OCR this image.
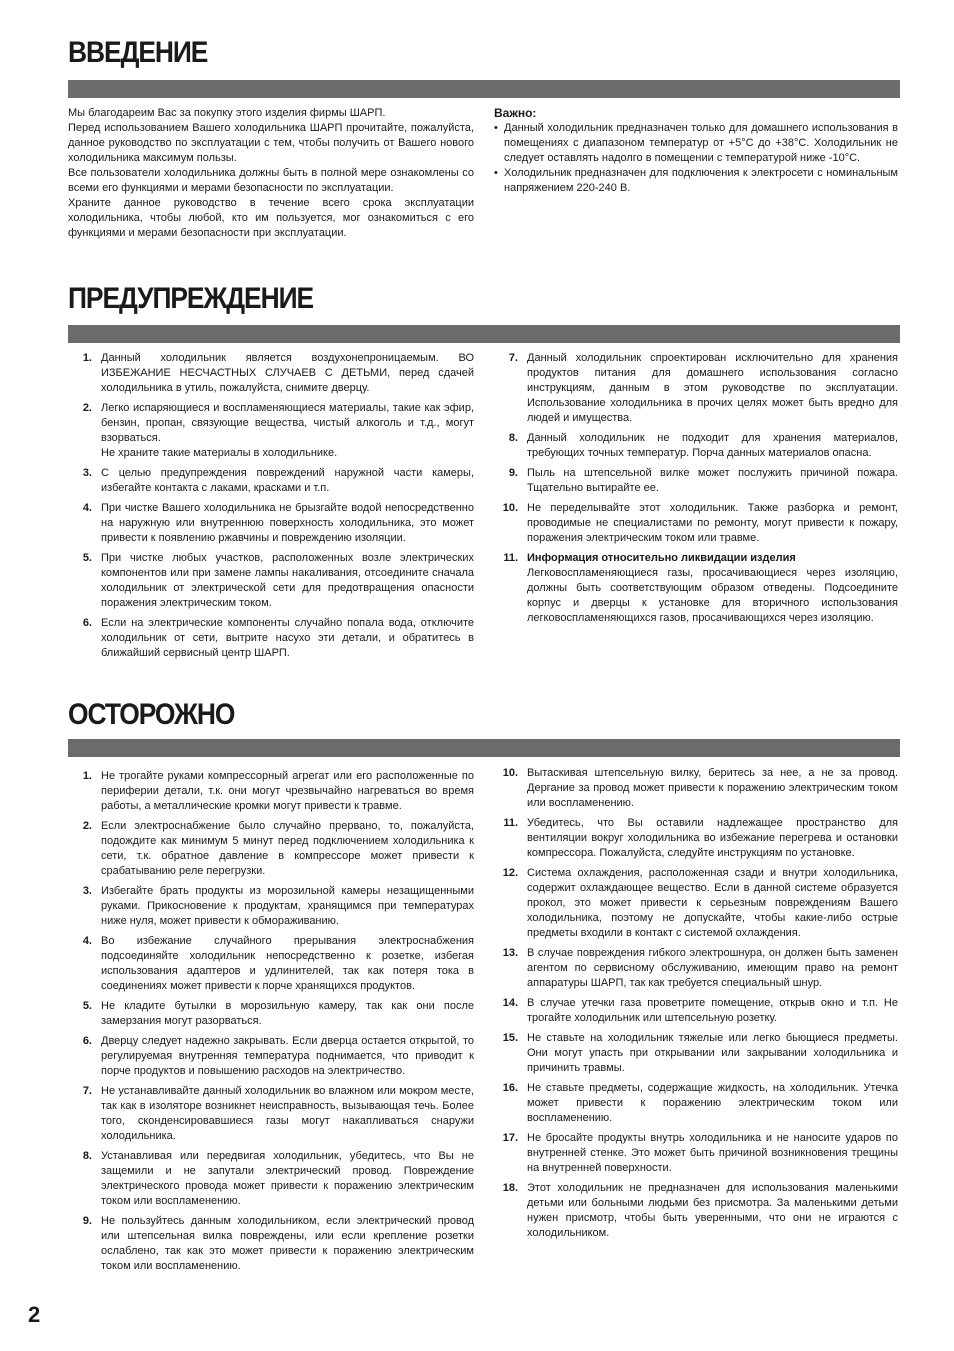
ВВЕДЕНИЕ

Мы благодарeим Вас за покупку этого изделия фирмы ШАРП.

Перед использованием Вашего холодильника ШАРП прочитайте, пожалуйста, данное руководство по эксплуатации с тем, чтобы получить от Вашего нового холодильника максимум пользы.

Все пользователи холодильника должны быть в полной мере ознакомлены со всеми его функциями и мерами безопасности по эксплуатации.

Храните данное руководство в течение всего срока эксплуатации холодильника, чтобы любой, кто им пользуется, мог ознакомиться с его функциями и мерами безопасности при эксплуатации.

Важно:
• Данный холодильник предназначен только для домашнего использования в помещениях с диапазоном температур от +5°С до +38°С. Холодильник не следует оставлять надолго в помещении с температурой ниже -10°С.
• Холодильник предназначен для подключения к электросети с номинальным напряжением 220-240 В.
ПРЕДУПРЕЖДЕНИЕ
1. Данный холодильник является воздухонепроницаемым. ВО ИЗБЕЖАНИЕ НЕСЧАСТНЫХ СЛУЧАЕВ С ДЕТЬМИ, перед сдачей холодильника в утиль, пожалуйста, снимите дверцу.
2. Легко испаряющиеся и воспламеняющиеся материалы, такие как эфир, бензин, пропан, связующие вещества, чистый алкоголь и т.д., могут взорваться.
Не храните такие материалы в холодильнике.
3. С целью предупреждения повреждений наружной части камеры, избегайте контакта с лаками, красками и т.п.
4. При чистке Вашего холодильника не брызгайте водой непосредственно на наружную или внутреннюю поверхность холодильника, это может привести к появлению ржавчины и повреждению изоляции.
5. При чистке любых участков, расположенных возле электрических компонентов или при замене лампы накаливания, отсоедините сначала холодильник от электрической сети для предотвращения опасности поражения электрическим током.
6. Если на электрические компоненты случайно попала вода, отключите холодильник от сети, вытрите насухо эти детали, и обратитесь в ближайший сервисный центр ШАРП.
7. Данный холодильник спроектирован исключительно для хранения продуктов питания для домашнего использования согласно инструкциям, данным в этом руководстве по эксплуатации. Использование холодильника в прочих целях может быть вредно для людей и имущества.
8. Данный холодильник не подходит для хранения материалов, требующих точных температур. Порча данных материалов опасна.
9. Пыль на штепсельной вилке может послужить причиной пожара. Тщательно вытирайте ее.
10. Не переделывайте этот холодильник. Также разборка и ремонт, проводимые не специалистами по ремонту, могут привести к пожару, поражения электрическим током или травме.
11. Информация относительно ликвидации изделия
Легковоспламеняющиеся газы, просачивающиеся через изоляцию, должны быть соответствующим образом отведены. Подсоедините корпус и дверцы к установке для вторичного использования легковоспламеняющихся газов, просачивающихся через изоляцию.
ОСТОРОЖНО
1. Не трогайте руками компрессорный агрегат или его расположенные по периферии детали, т.к. они могут чрезвычайно нагреваться во время работы, а металлические кромки могут привести к травме.
2. Если электроснабжение было случайно прервано, то, пожалуйста, подождите как минимум 5 минут перед подключением холодильника к сети, т.к. обратное давление в компрессоре может привести к срабатыванию реле перегрузки.
3. Избегайте брать продукты из морозильной камеры незащищенными руками. Прикосновение к продуктам, хранящимся при температурах ниже нуля, может привести к обмораживанию.
4. Во избежание случайного прерывания электроснабжения подсоединяйте холодильник непосредственно к розетке, избегая использования адаптеров и удлинителей, так как потеря тока в соединениях может привести к порче хранящихся продуктов.
5. Не кладите бутылки в морозильную камеру, так как они после замерзания могут разорваться.
6. Дверцу следует надежно закрывать. Если дверца остается открытой, то регулируемая внутренняя температура поднимается, что приводит к порче продуктов и повышению расходов на электричество.
7. Не устанавливайте данный холодильник во влажном или мокром месте, так как в изоляторе возникнет неисправность, вызывающая течь. Более того, сконденсировавшиеся газы могут накапливаться снаружи холодильника.
8. Устанавливая или передвигая холодильник, убедитесь, что Вы не защемили и не запутали электрический провод. Повреждение электрического провода может привести к поражению электрическим током или воспламенению.
9. Не пользуйтесь данным холодильником, если электрический провод или штепсельная вилка повреждены, или если крепление розетки ослаблено, так как это может привести к поражению электрическим током или воспламенению.
10. Вытаскивая штепсельную вилку, беритесь за нее, а не за провод. Дергание за провод может привести к поражению электрическим током или воспламенению.
11. Убедитесь, что Вы оставили надлежащее пространство для вентиляции вокруг холодильника во избежание перегрева и остановки компрессора. Пожалуйста, следуйте инструкциям по установке.
12. Система охлаждения, расположенная сзади и внутри холодильника, содержит охлаждающее вещество. Если в данной системе образуется прокол, это может привести к серьезным повреждениям Вашего холодильника, поэтому не допускайте, чтобы какие-либо острые предметы входили в контакт с системой охлаждения.
13. В случае повреждения гибкого электрошнура, он должен быть заменен агентом по сервисному обслуживанию, имеющим право на ремонт аппаратуры ШАРП, так как требуется специальный шнур.
14. В случае утечки газа проветрите помещение, открыв окно и т.п. Не трогайте холодильник или штепсельную розетку.
15. Не ставьте на холодильник тяжелые или легко бьющиеся предметы. Они могут упасть при открывании или закрывании холодильника и причинить травмы.
16. Не ставьте предметы, содержащие жидкость, на холодильник. Утечка может привести к поражению электрическим током или воспламенению.
17. Не бросайте продукты внутрь холодильника и не наносите ударов по внутренней стенке. Это может быть причиной возникновения трещины на внутренней поверхности.
18. Этот холодильник не предназначен для использования маленькими детьми или больными людьми без присмотра. За маленькими детьми нужен присмотр, чтобы быть уверенными, что они не играются с холодильником.
2
